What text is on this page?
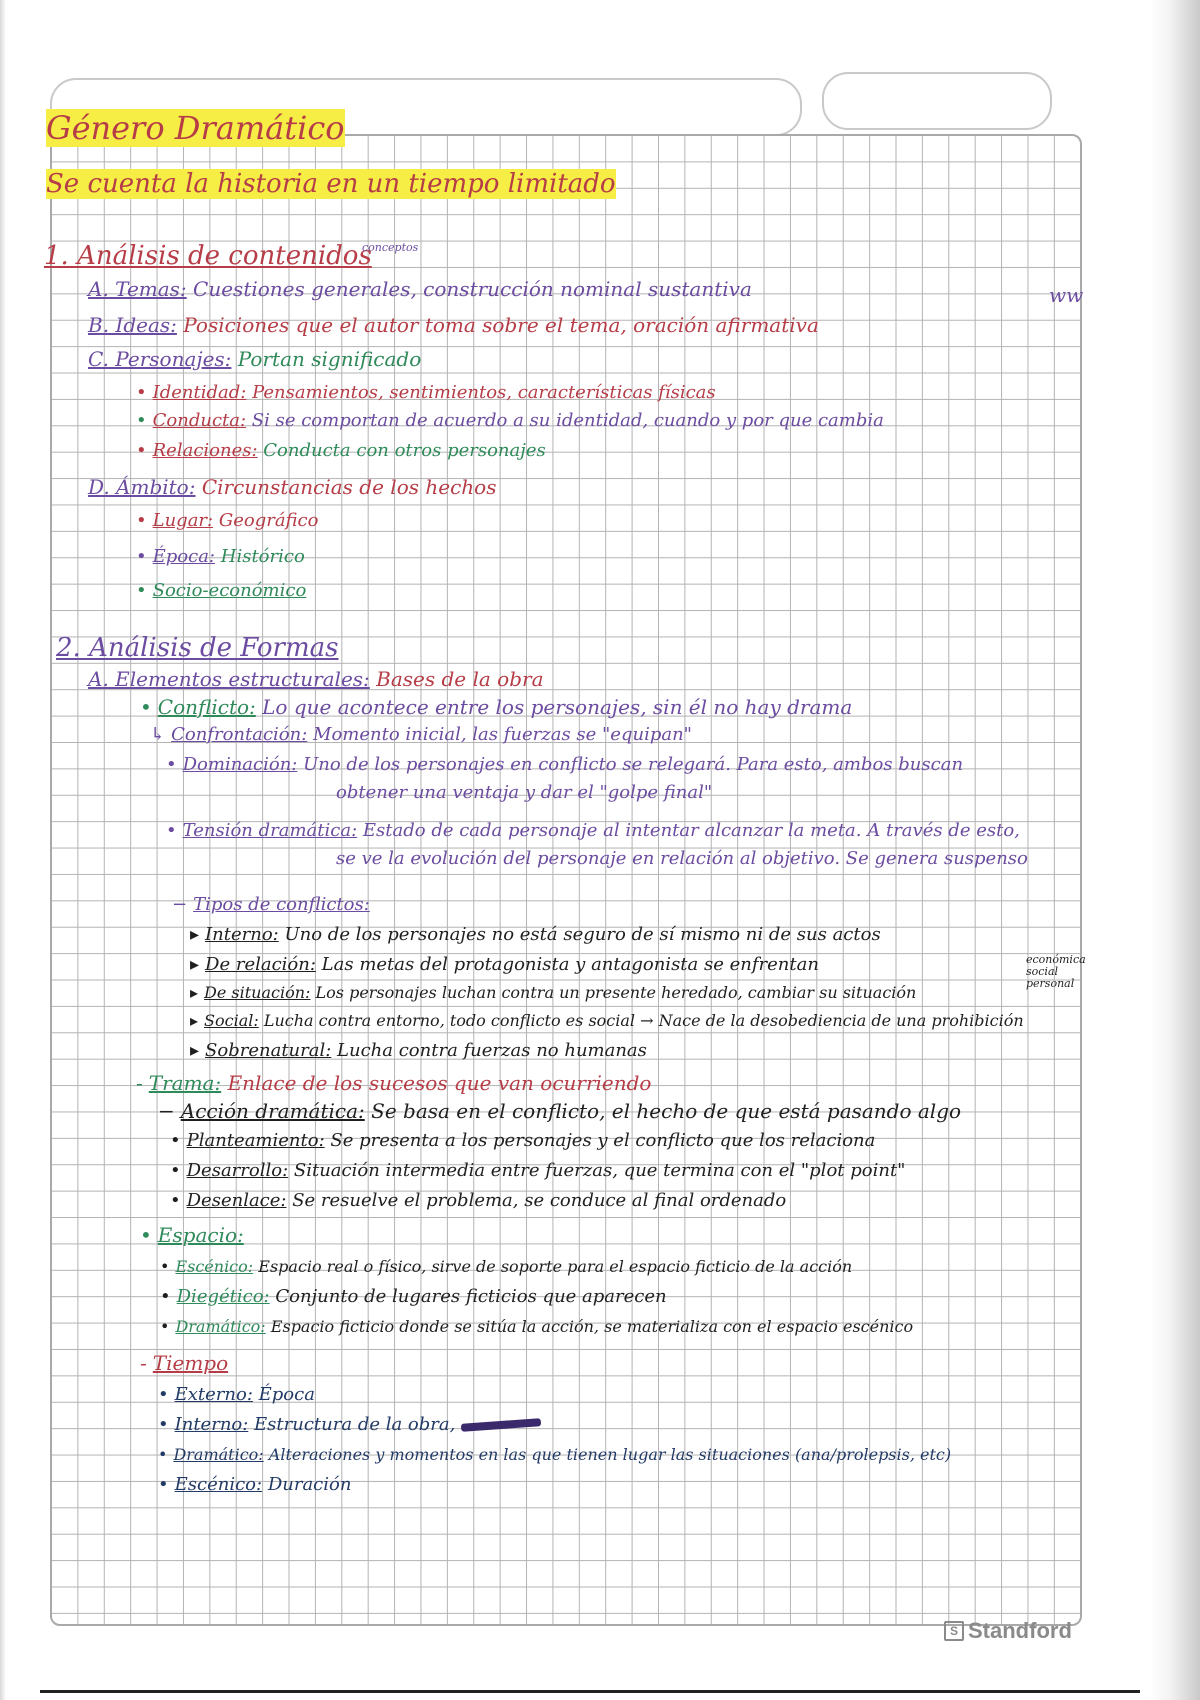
S Standford
Género Dramático
Se cuenta la historia en un tiempo limitado
1. Análisis de contenidos
conceptos
A. Temas: Cuestiones generales, construcción nominal sustantiva
B. Ideas: Posiciones que el autor toma sobre el tema, oración afirmativa
ww
C. Personajes: Portan significado
• Identidad: Pensamientos, sentimientos, características físicas
• Conducta: Si se comportan de acuerdo a su identidad, cuando y por que cambia
• Relaciones: Conducta con otros personajes
D. Ámbito: Circunstancias de los hechos
• Lugar: Geográfico
• Época: Histórico
• Socio-económico
2. Análisis de Formas
A. Elementos estructurales: Bases de la obra
• Conflicto: Lo que acontece entre los personajes, sin él no hay drama
↳ Confrontación: Momento inicial, las fuerzas se "equipan"
• Dominación: Uno de los personajes en conflicto se relegará. Para esto, ambos buscan
obtener una ventaja y dar el "golpe final"
• Tensión dramática: Estado de cada personaje al intentar alcanzar la meta. A través de esto,
se ve la evolución del personaje en relación al objetivo. Se genera suspenso
− Tipos de conflictos:
▸ Interno: Uno de los personajes no está seguro de sí mismo ni de sus actos
▸ De relación: Las metas del protagonista y antagonista se enfrentan
▸ De situación: Los personajes luchan contra un presente heredado, cambiar su situación
económica
social
personal
▸ Social: Lucha contra entorno, todo conflicto es social → Nace de la desobediencia de una prohibición
▸ Sobrenatural: Lucha contra fuerzas no humanas
- Trama: Enlace de los sucesos que van ocurriendo
− Acción dramática: Se basa en el conflicto, el hecho de que está pasando algo
• Planteamiento: Se presenta a los personajes y el conflicto que los relaciona
• Desarrollo: Situación intermedia entre fuerzas, que termina con el "plot point"
• Desenlace: Se resuelve el problema, se conduce al final ordenado
• Espacio:
• Escénico: Espacio real o físico, sirve de soporte para el espacio ficticio de la acción
• Diegético: Conjunto de lugares ficticios que aparecen
• Dramático: Espacio ficticio donde se sitúa la acción, se materializa con el espacio escénico
- Tiempo
• Externo: Época
• Interno: Estructura de la obra,
• Dramático: Alteraciones y momentos en las que tienen lugar las situaciones (ana/prolepsis, etc)
• Escénico: Duración
